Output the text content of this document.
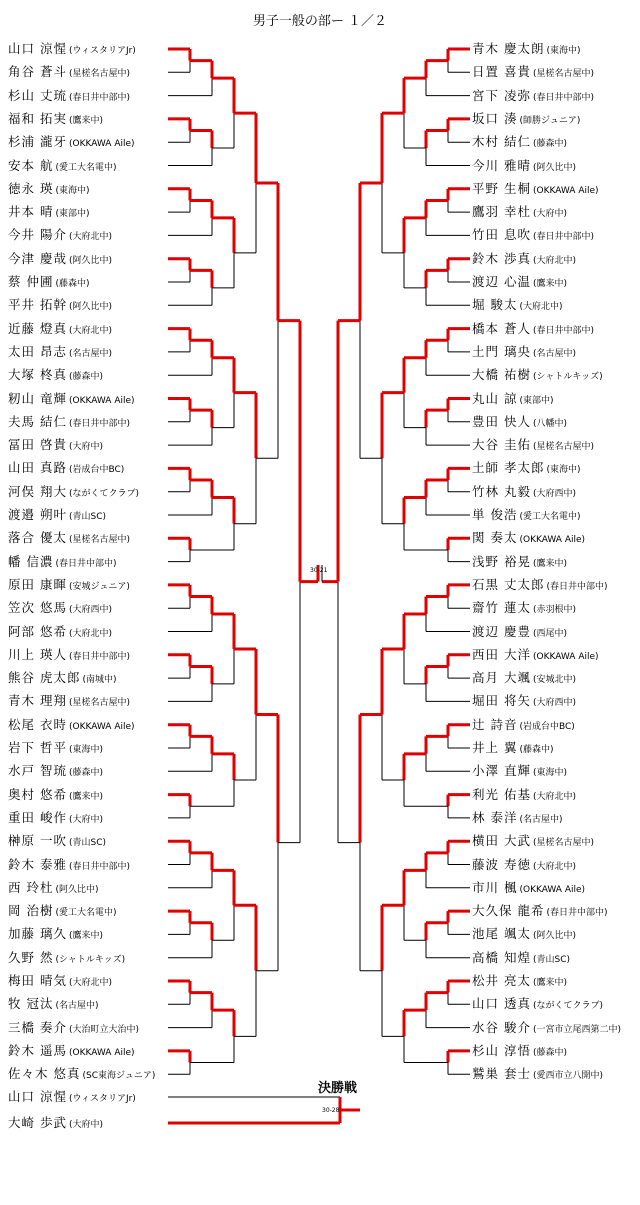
男子一般の部ー １／２
山口 涼惺 (ウィスタリアJr)
角谷 蒼斗 (星槎名古屋中)
杉山 丈琉 (春日井中部中)
福和 拓実 (鷹来中)
杉浦 瀧牙 (OKKAWA Aile)
安本 航 (愛工大名電中)
徳永 瑛 (東海中)
井本 晴 (東部中)
今井 陽介 (大府北中)
今津 慶哉 (阿久比中)
蔡 仲圃 (藤森中)
平井 拓幹 (阿久比中)
近藤 燈真 (大府北中)
太田 昂志 (名古屋中)
大塚 柊真 (藤森中)
籾山 竜輝 (OKKAWA Aile)
夫馬 結仁 (春日井中部中)
冨田 啓貴 (大府中)
山田 真路 (岩成台中BC)
河俣 翔大 (ながくてクラブ)
渡邉 朔叶 (青山SC)
落合 優太 (星槎名古屋中)
幡 信濃 (春日井中部中)
原田 康暉 (安城ジュニア)
笠次 悠馬 (大府西中)
阿部 悠希 (大府北中)
川上 瑛人 (春日井中部中)
熊谷 虎太郎 (南城中)
青木 理翔 (星槎名古屋中)
松尾 衣時 (OKKAWA Aile)
岩下 哲平 (東海中)
水戸 智琉 (藤森中)
奥村 悠希 (鷹来中)
重田 峻作 (大府中)
榊原 一吹 (青山SC)
鈴木 泰雅 (春日井中部中)
西 玲杜 (阿久比中)
岡 治樹 (愛工大名電中)
加藤 璃久 (鷹来中)
久野 然 (シャトルキッズ)
梅田 晴気 (大府北中)
牧 冠汰 (名古屋中)
三橋 奏介 (大治町立大治中)
鈴木 遥馬 (OKKAWA Aile)
佐々木 悠真 (SC東海ジュニア)
青木 慶太朗 (東海中)
日置 喜貴 (星槎名古屋中)
宮下 凌弥 (春日井中部中)
坂口 湊 (師勝ジュニア)
木村 結仁 (藤森中)
今川 雅晴 (阿久比中)
平野 生桐 (OKKAWA Aile)
鷹羽 幸杜 (大府中)
竹田 息吹 (春日井中部中)
鈴木 渉真 (大府北中)
渡辺 心温 (鷹来中)
堀 駿太 (大府北中)
橋本 蒼人 (春日井中部中)
土門 璃央 (名古屋中)
大橋 祐樹 (シャトルキッズ)
丸山 諒 (東部中)
豊田 快人 (八幡中)
大谷 圭佑 (星槎名古屋中)
土師 孝太郎 (東海中)
竹林 丸毅 (大府西中)
単 俊浩 (愛工大名電中)
関 奏太 (OKKAWA Aile)
浅野 裕晃 (鷹来中)
石黒 丈太郎 (春日井中部中)
齋竹 蓮太 (赤羽根中)
渡辺 慶豊 (西尾中)
西田 大洋 (OKKAWA Aile)
高月 大颯 (安城北中)
堀田 将矢 (大府西中)
辻 詩音 (岩成台中BC)
井上 翼 (藤森中)
小澤 直輝 (東海中)
利光 佑基 (大府北中)
林 泰洋 (名古屋中)
横田 大武 (星槎名古屋中)
藤波 寿徳 (大府北中)
市川 楓 (OKKAWA Aile)
大久保 龍希 (春日井中部中)
池尾 颯太 (阿久比中)
高橋 知煌 (青山SC)
松井 亮太 (鷹来中)
山口 透真 (ながくてクラブ)
水谷 駿介 (一宮市立尾西第二中)
杉山 淳悟 (藤森中)
鷲巣 套士 (愛西市立八開中)
山口 涼惺 (ウィスタリアJr)
大崎 歩武 (大府中)
決勝戦
30-21
30-28
